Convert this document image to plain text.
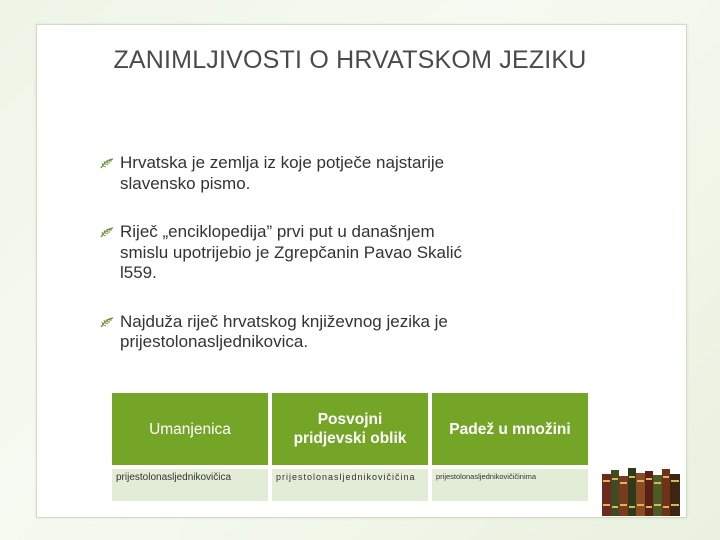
ZANIMLJIVOSTI O HRVATSKOM JEZIKU
Hrvatska je zemlja iz koje potječe najstarije slavensko pismo.
Riječ „enciklopedija” prvi put u današnjem smislu upotrijebio je Zgrepčanin Pavao Skalić l559.
Najduža riječ hrvatskog književnog jezika je prijestolonasljednikovica.
Umanjenica	Posvojni pridjevski oblik	Padež u množini
prijestolonasljednikovičica	prijestolonasljednikovičičina	prijestolonasljednikovičičinima
